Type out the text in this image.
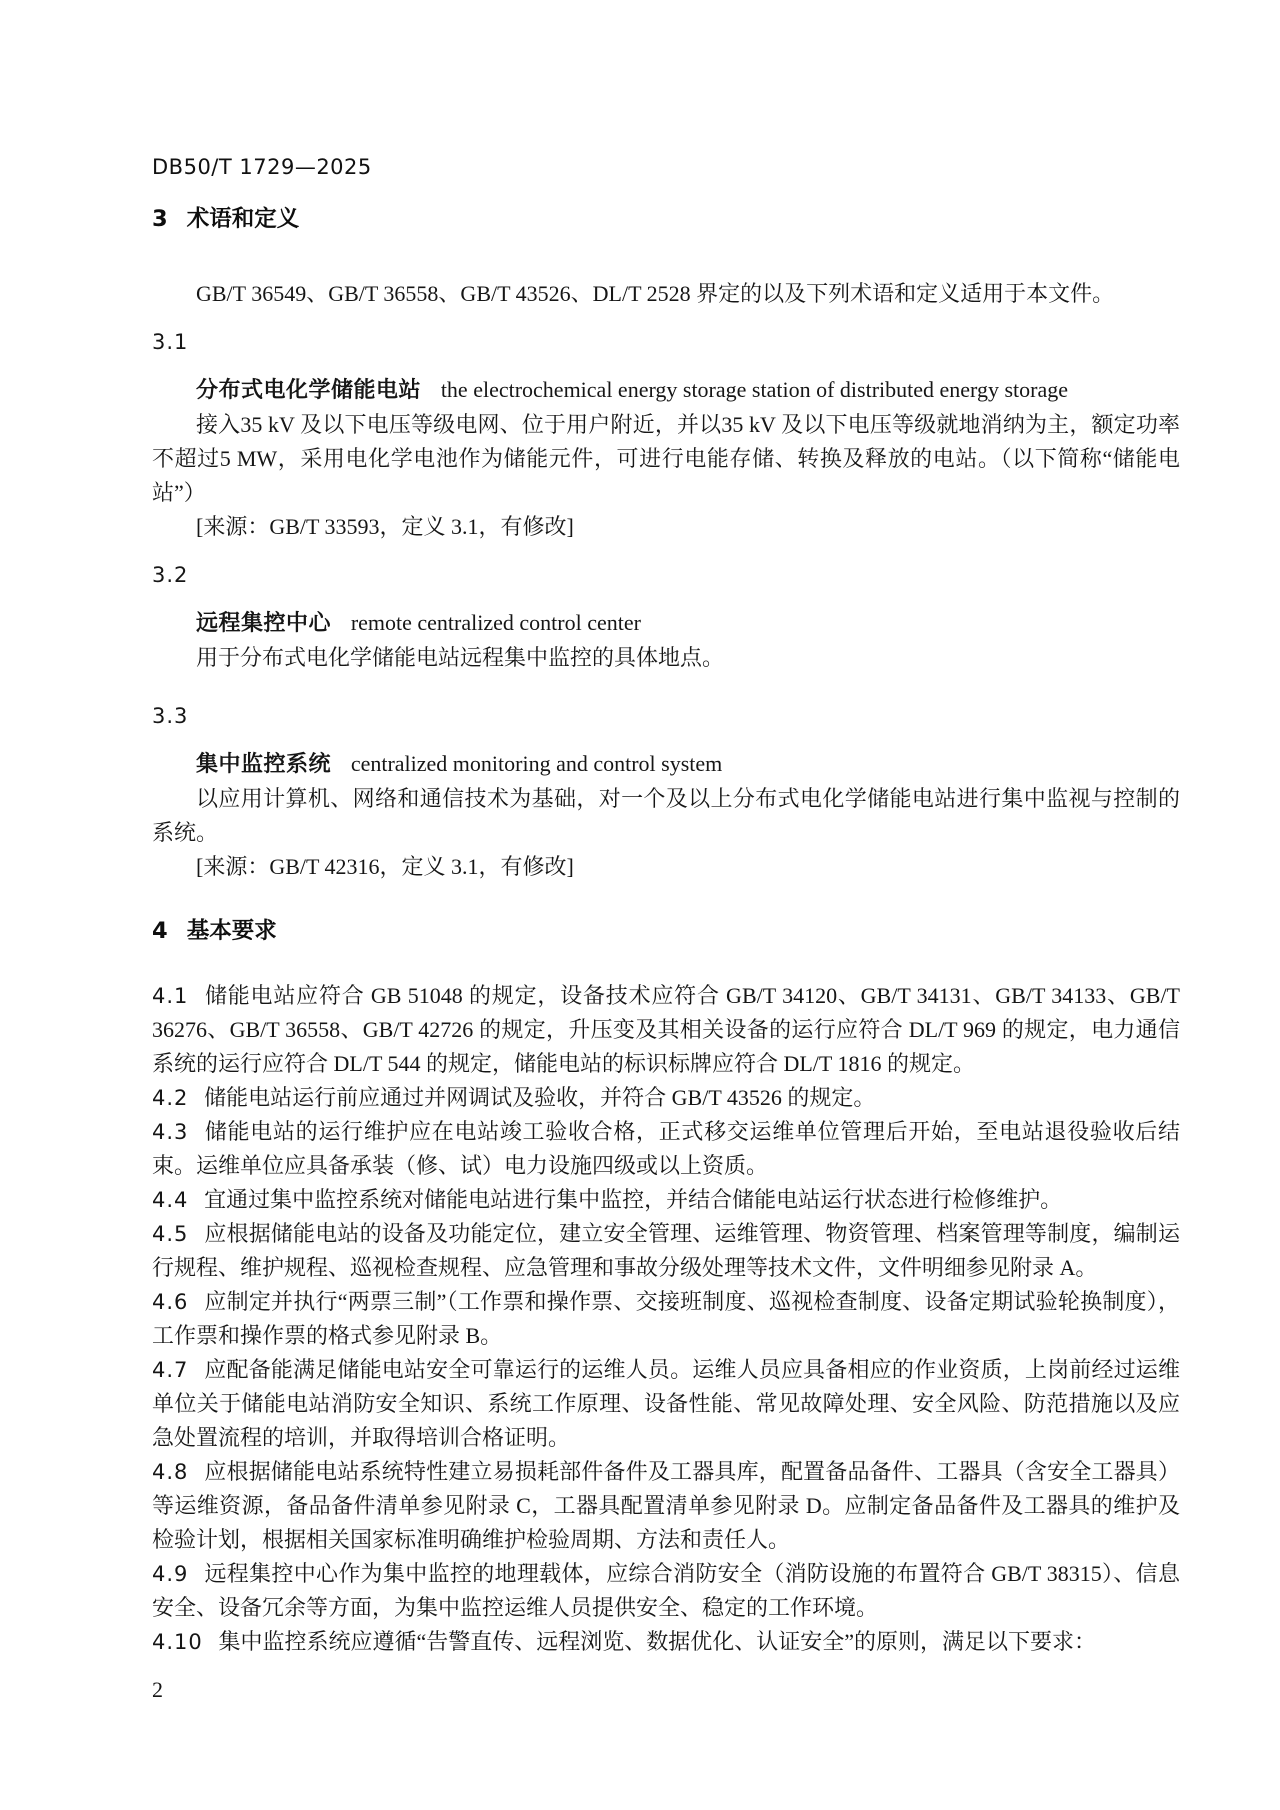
DB50/T 1729—2025
3 术语和定义

GB/T 36549、GB/T 36558、GB/T 43526、DL/T 2528 界定的以及下列术语和定义适用于本文件。

3.1
分布式电化学储能电站 the electrochemical energy storage station of distributed energy storage

接入35 kV 及以下电压等级电网、位于用户附近，并以35 kV 及以下电压等级就地消纳为主，额定功率不超过5 MW，采用电化学电池作为储能元件，可进行电能存储、转换及释放的电站。（以下简称“储能电站”）

[来源：GB/T 33593，定义 3.1，有修改]

3.2
远程集控中心 remote centralized control center

用于分布式电化学储能电站远程集中监控的具体地点。

3.3
集中监控系统 centralized monitoring and control system

以应用计算机、网络和通信技术为基础，对一个及以上分布式电化学储能电站进行集中监视与控制的系统。

[来源：GB/T 42316，定义 3.1，有修改]

4 基本要求

4.1 储能电站应符合 GB 51048 的规定，设备技术应符合 GB/T 34120、GB/T 34131、GB/T 34133、GB/T 36276、GB/T 36558、GB/T 42726 的规定，升压变及其相关设备的运行应符合 DL/T 969 的规定，电力通信系统的运行应符合 DL/T 544 的规定，储能电站的标识标牌应符合 DL/T 1816 的规定。

4.2 储能电站运行前应通过并网调试及验收，并符合 GB/T 43526 的规定。

4.3 储能电站的运行维护应在电站竣工验收合格，正式移交运维单位管理后开始，至电站退役验收后结束。运维单位应具备承装（修、试）电力设施四级或以上资质。

4.4 宜通过集中监控系统对储能电站进行集中监控，并结合储能电站运行状态进行检修维护。

4.5 应根据储能电站的设备及功能定位，建立安全管理、运维管理、物资管理、档案管理等制度，编制运行规程、维护规程、巡视检查规程、应急管理和事故分级处理等技术文件，文件明细参见附录 A。

4.6 应制定并执行“两票三制”（工作票和操作票、交接班制度、巡视检查制度、设备定期试验轮换制度），工作票和操作票的格式参见附录 B。

4.7 应配备能满足储能电站安全可靠运行的运维人员。运维人员应具备相应的作业资质，上岗前经过运维单位关于储能电站消防安全知识、系统工作原理、设备性能、常见故障处理、安全风险、防范措施以及应急处置流程的培训，并取得培训合格证明。

4.8 应根据储能电站系统特性建立易损耗部件备件及工器具库，配置备品备件、工器具（含安全工器具）等运维资源，备品备件清单参见附录 C，工器具配置清单参见附录 D。应制定备品备件及工器具的维护及检验计划，根据相关国家标准明确维护检验周期、方法和责任人。

4.9 远程集控中心作为集中监控的地理载体，应综合消防安全（消防设施的布置符合 GB/T 38315）、信息安全、设备冗余等方面，为集中监控运维人员提供安全、稳定的工作环境。

4.10 集中监控系统应遵循“告警直传、远程浏览、数据优化、认证安全”的原则，满足以下要求：

2
